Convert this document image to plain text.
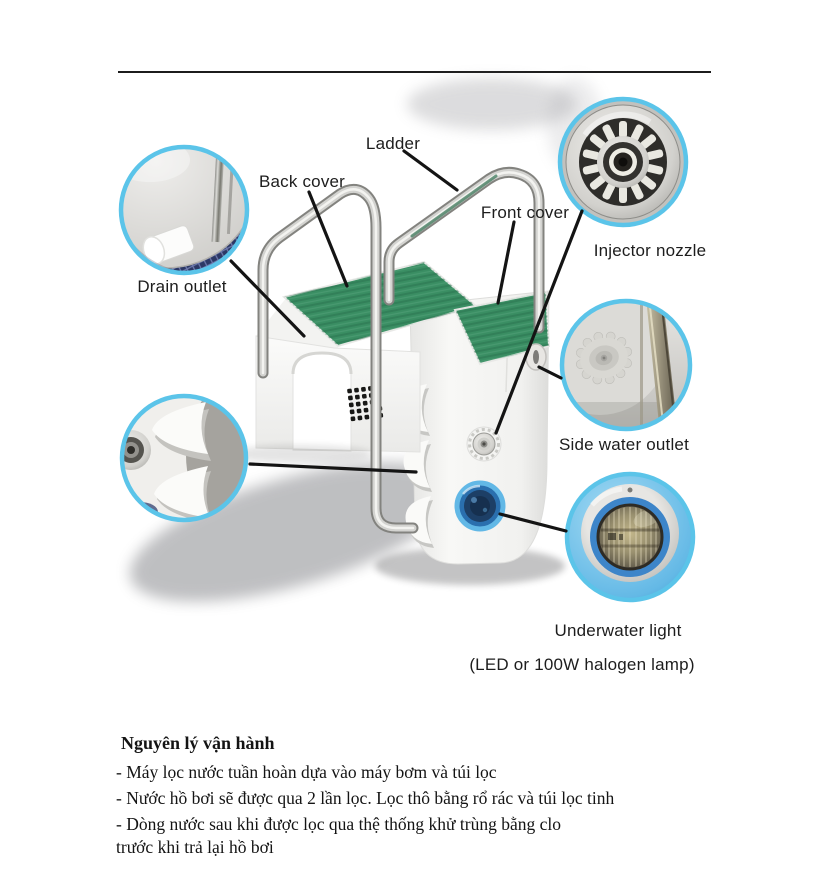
Ladder
Back cover
Front cover
Injector nozzle
Drain outlet
Side water outlet
Underwater light
(LED or 100W halogen lamp)
Nguyên lý vận hành
- Máy lọc nước tuần hoàn dựa vào máy bơm và túi lọc
- Nước hồ bơi sẽ được qua 2 lần lọc. Lọc thô bằng rổ rác và túi lọc tinh
- Dòng nước sau khi được lọc qua thệ thống khử trùng bằng clo
trước khi trả lại hồ bơi
